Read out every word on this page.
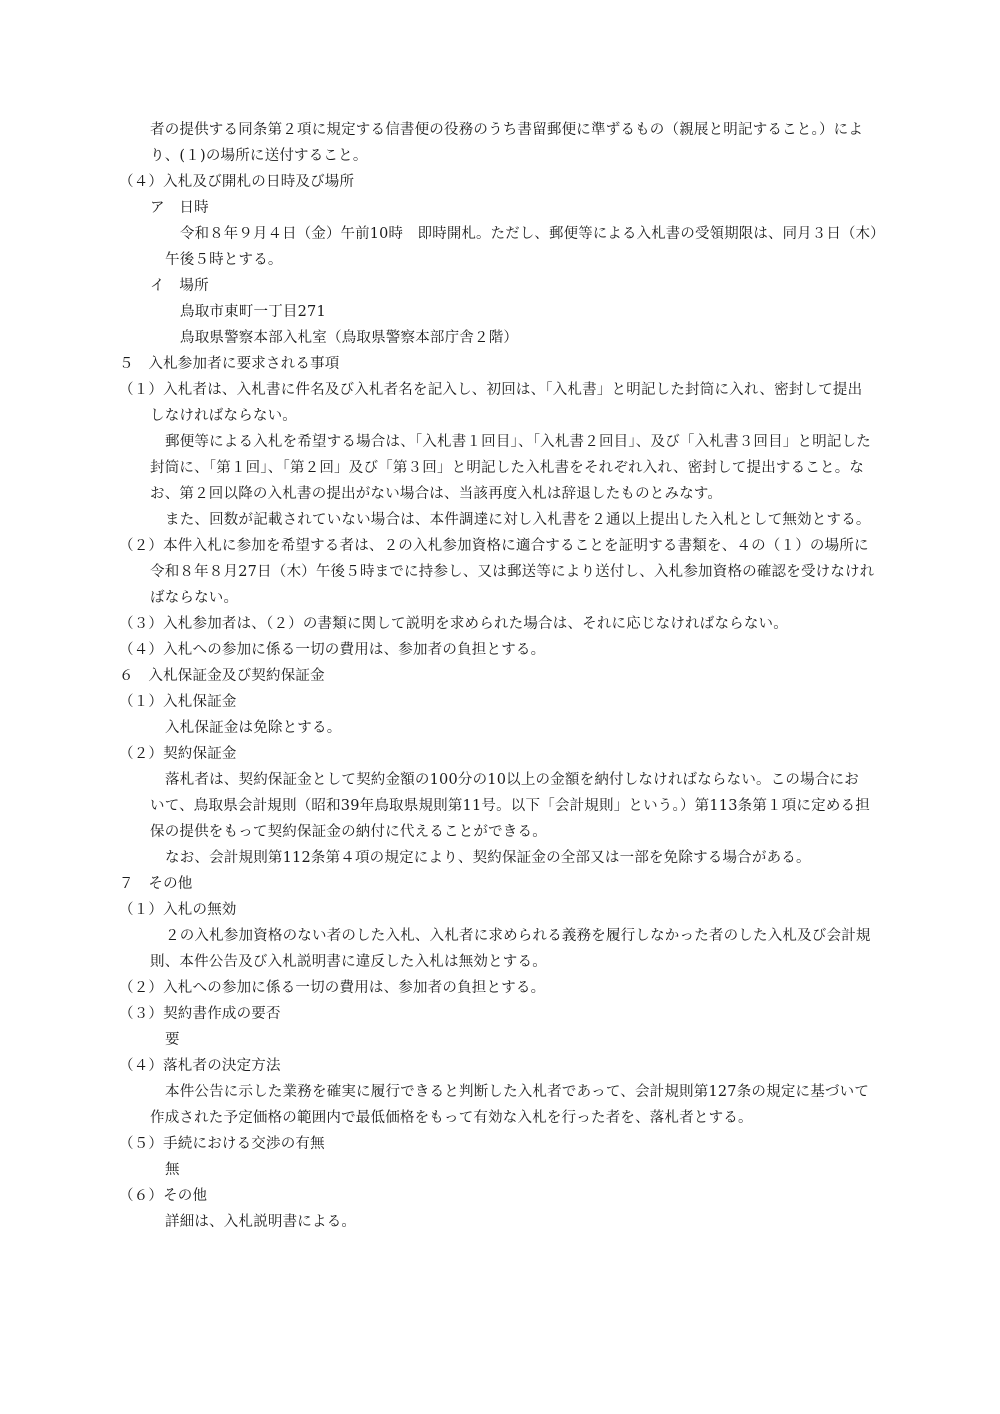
者の提供する同条第２項に規定する信書便の役務のうち書留郵便に準ずるもの（親展と明記すること。）によ
り、(１)の場所に送付すること。
（４）入札及び開札の日時及び場所
ア　日時
令和８年９月４日（金）午前10時　即時開札。ただし、郵便等による入札書の受領期限は、同月３日（木）
午後５時とする。
イ　場所
鳥取市東町一丁目271
鳥取県警察本部入札室（鳥取県警察本部庁舎２階）
５　入札参加者に要求される事項
（１）入札者は、入札書に件名及び入札者名を記入し、初回は、「入札書」と明記した封筒に入れ、密封して提出
しなければならない。
郵便等による入札を希望する場合は、「入札書１回目」、「入札書２回目」、及び「入札書３回目」と明記した
封筒に、「第１回」、「第２回」及び「第３回」と明記した入札書をそれぞれ入れ、密封して提出すること。な
お、第２回以降の入札書の提出がない場合は、当該再度入札は辞退したものとみなす。
また、回数が記載されていない場合は、本件調達に対し入札書を２通以上提出した入札として無効とする。
（２）本件入札に参加を希望する者は、２の入札参加資格に適合することを証明する書類を、４の（１）の場所に
令和８年８月27日（木）午後５時までに持参し、又は郵送等により送付し、入札参加資格の確認を受けなけれ
ばならない。
（３）入札参加者は、（２）の書類に関して説明を求められた場合は、それに応じなければならない。
（４）入札への参加に係る一切の費用は、参加者の負担とする。
６　入札保証金及び契約保証金
（１）入札保証金
入札保証金は免除とする。
（２）契約保証金
落札者は、契約保証金として契約金額の100分の10以上の金額を納付しなければならない。この場合にお
いて、鳥取県会計規則（昭和39年鳥取県規則第11号。以下「会計規則」という。）第113条第１項に定める担
保の提供をもって契約保証金の納付に代えることができる。
なお、会計規則第112条第４項の規定により、契約保証金の全部又は一部を免除する場合がある。
７　その他
（１）入札の無効
２の入札参加資格のない者のした入札、入札者に求められる義務を履行しなかった者のした入札及び会計規
則、本件公告及び入札説明書に違反した入札は無効とする。
（２）入札への参加に係る一切の費用は、参加者の負担とする。
（３）契約書作成の要否
要
（４）落札者の決定方法
本件公告に示した業務を確実に履行できると判断した入札者であって、会計規則第127条の規定に基づいて
作成された予定価格の範囲内で最低価格をもって有効な入札を行った者を、落札者とする。
（５）手続における交渉の有無
無
（６）その他
詳細は、入札説明書による。
